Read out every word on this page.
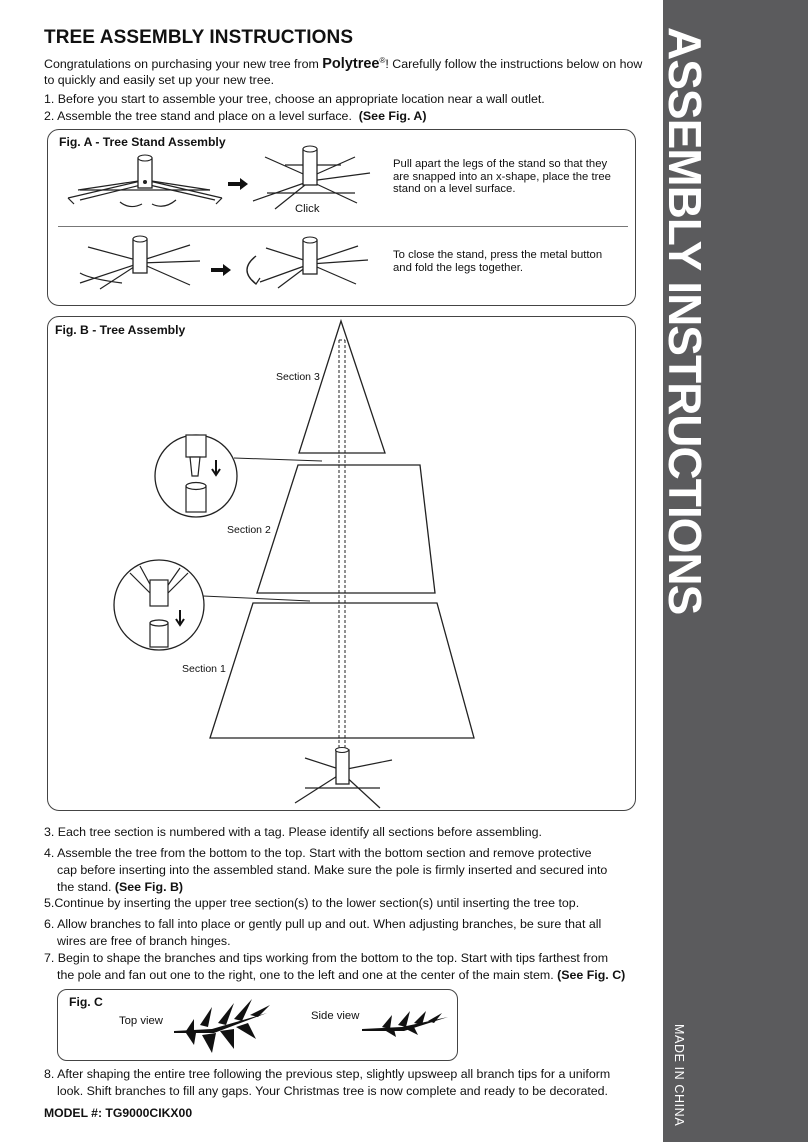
ASSEMBLY INSTRUCTIONS
MADE IN CHINA
TREE ASSEMBLY INSTRUCTIONS
Congratulations on purchasing your new tree from Polytree®! Carefully follow the instructions below on how to quickly and easily set up your new tree.
1. Before you start to assemble your tree, choose an appropriate location near a wall outlet.
2. Assemble the tree stand and place on a level surface. (See Fig. A)
Fig. A - Tree Stand Assembly
Pull apart the legs of the stand so that they are snapped into an x-shape, place the tree stand on a level surface.
To close the stand, press the metal button and fold the legs together.
Click
Fig. B - Tree Assembly
Section 3
Section 2
Section 1
3. Each tree section is numbered with a tag. Please identify all sections before assembling.
4. Assemble the tree from the bottom to the top. Start with the bottom section and remove protective
cap before inserting into the assembled stand. Make sure the pole is firmly inserted and secured into
the stand. (See Fig. B)
5.Continue by inserting the upper tree section(s) to the lower section(s) until inserting the tree top.
6. Allow branches to fall into place or gently pull up and out. When adjusting branches, be sure that all
wires are free of branch hinges.
7. Begin to shape the branches and tips working from the bottom to the top. Start with tips farthest from
the pole and fan out one to the right, one to the left and one at the center of the main stem. (See Fig. C)
Fig. C
Top view	Side view
8. After shaping the entire tree following the previous step, slightly upsweep all branch tips for a uniform
look. Shift branches to fill any gaps. Your Christmas tree is now complete and ready to be decorated.
MODEL #: TG9000CIKX00
